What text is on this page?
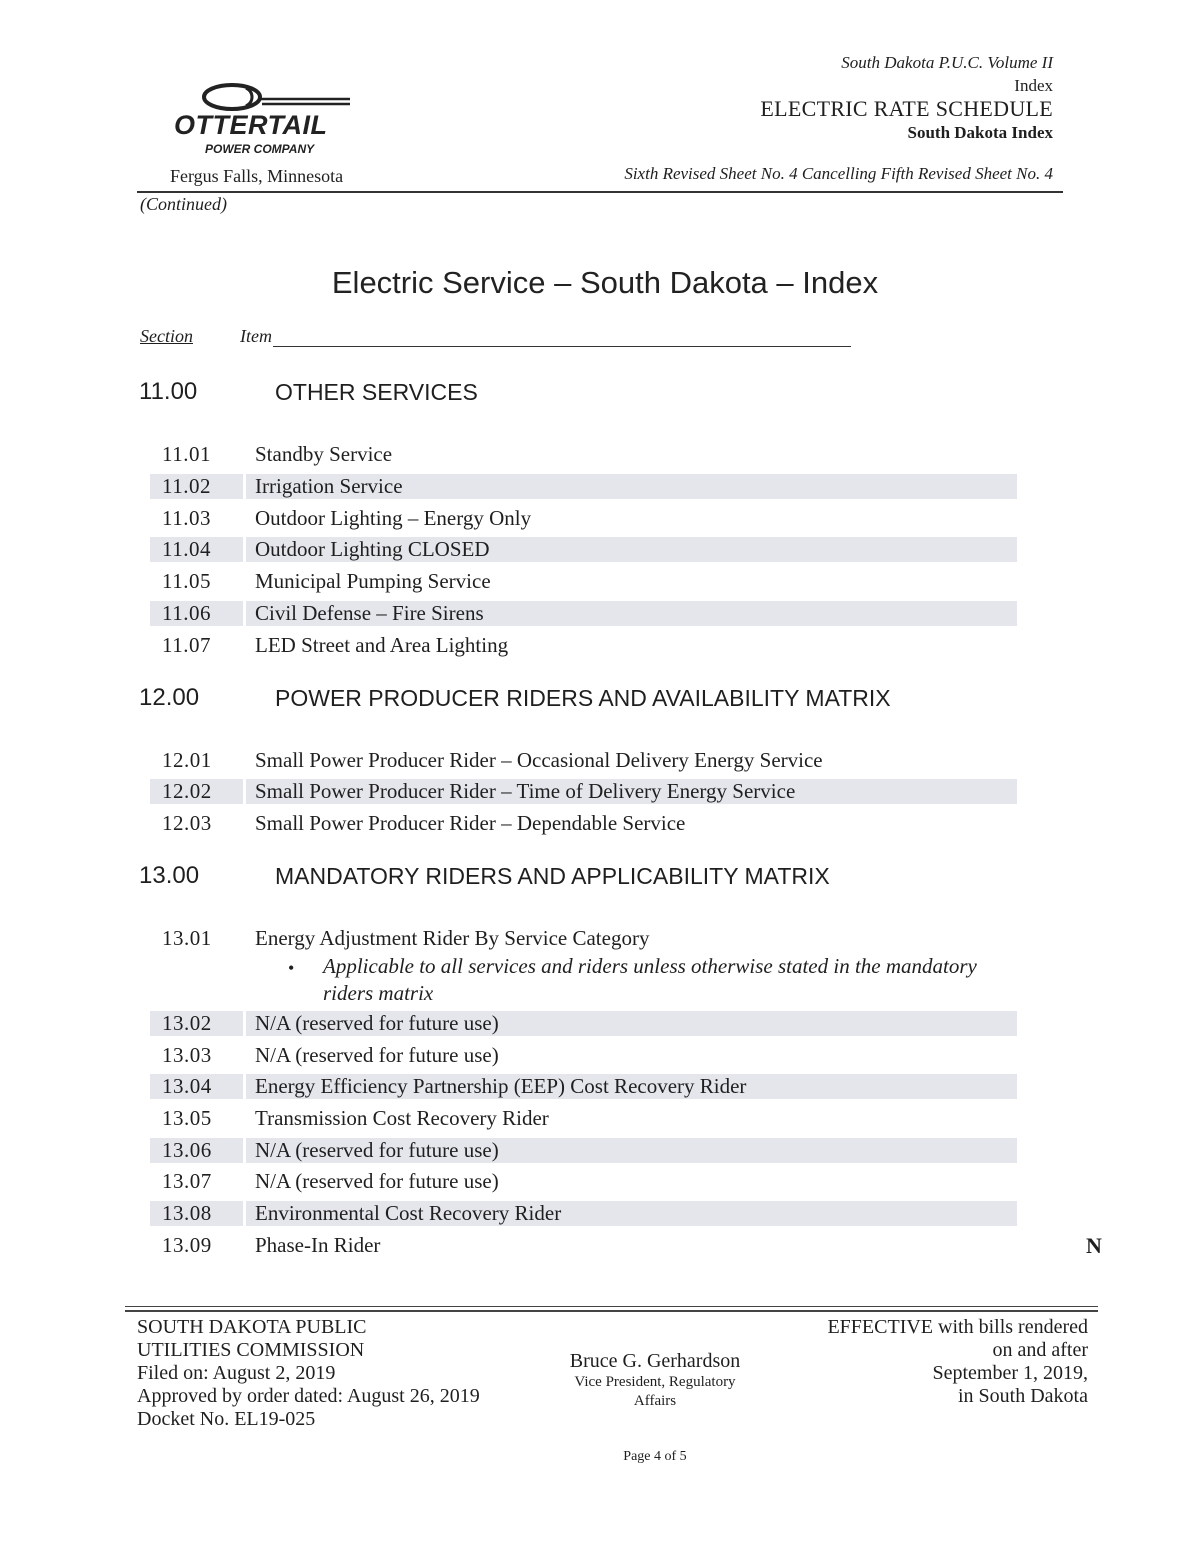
OTTERTAIL
POWER COMPANY
Fergus Falls, Minnesota
(Continued)
South Dakota P.U.C. Volume II
Index
ELECTRIC RATE SCHEDULE
South Dakota Index
Sixth Revised Sheet No. 4 Cancelling Fifth Revised Sheet No. 4
Electric Service – South Dakota – Index
Section	Item
11.00	OTHER SERVICES
11.01 Standby Service
11.02 Irrigation Service
11.03 Outdoor Lighting – Energy Only
11.04 Outdoor Lighting CLOSED
11.05 Municipal Pumping Service
11.06 Civil Defense – Fire Sirens
11.07 LED Street and Area Lighting
12.00	POWER PRODUCER RIDERS AND AVAILABILITY MATRIX
12.01 Small Power Producer Rider – Occasional Delivery Energy Service
12.02 Small Power Producer Rider – Time of Delivery Energy Service
12.03 Small Power Producer Rider – Dependable Service
13.00	MANDATORY RIDERS AND APPLICABILITY MATRIX
13.01 Energy Adjustment Rider By Service Category
• Applicable to all services and riders unless otherwise stated in the mandatory riders matrix
13.02 N/A (reserved for future use)
13.03 N/A (reserved for future use)
13.04 Energy Efficiency Partnership (EEP) Cost Recovery Rider
13.05 Transmission Cost Recovery Rider
13.06 N/A (reserved for future use)
13.07 N/A (reserved for future use)
13.08 Environmental Cost Recovery Rider
13.09 Phase-In Rider	N
SOUTH DAKOTA PUBLIC
UTILITIES COMMISSION
Filed on: August 2, 2019
Approved by order dated: August 26, 2019
Docket No. EL19-025
Bruce G. Gerhardson
Vice President, Regulatory
Affairs
EFFECTIVE with bills rendered
on and after
September 1, 2019,
in South Dakota
Page 4 of 5
